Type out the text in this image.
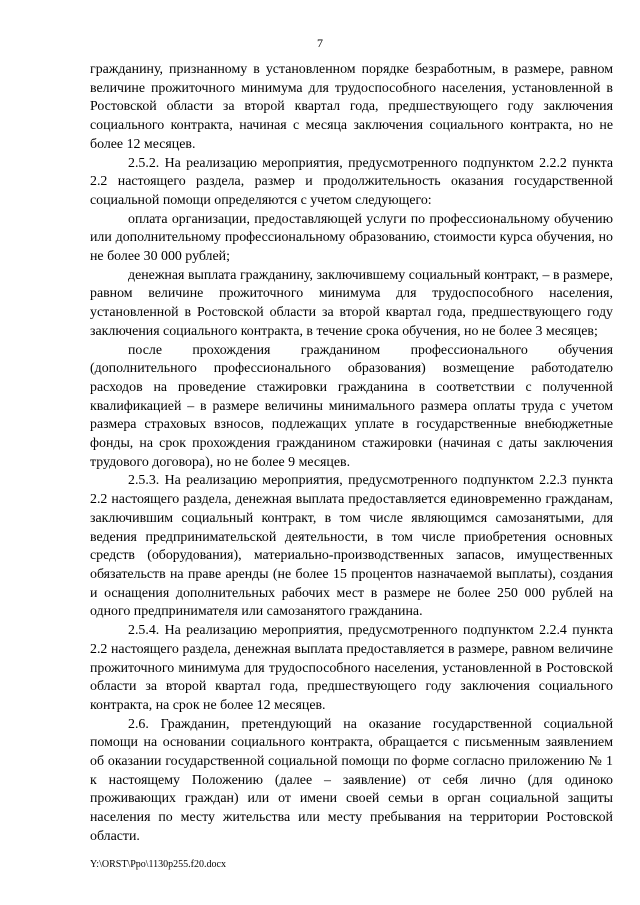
7

гражданину, признанному в установленном порядке безработным, в размере, равном величине прожиточного минимума для трудоспособного населения, установленной в Ростовской области за второй квартал года, предшествующего году заключения социального контракта, начиная с месяца заключения социального контракта, но не более 12 месяцев.

2.5.2. На реализацию мероприятия, предусмотренного подпунктом 2.2.2 пункта 2.2 настоящего раздела, размер и продолжительность оказания государственной социальной помощи определяются с учетом следующего:

оплата организации, предоставляющей услуги по профессиональному обучению или дополнительному профессиональному образованию, стоимости курса обучения, но не более 30 000 рублей;

денежная выплата гражданину, заключившему социальный контракт, – в размере, равном величине прожиточного минимума для трудоспособного населения, установленной в Ростовской области за второй квартал года, предшествующего году заключения социального контракта, в течение срока обучения, но не более 3 месяцев;

после прохождения гражданином профессионального обучения (дополнительного профессионального образования) возмещение работодателю расходов на проведение стажировки гражданина в соответствии с полученной квалификацией – в размере величины минимального размера оплаты труда с учетом размера страховых взносов, подлежащих уплате в государственные внебюджетные фонды, на срок прохождения гражданином стажировки (начиная с даты заключения трудового договора), но не более 9 месяцев.

2.5.3. На реализацию мероприятия, предусмотренного подпунктом 2.2.3 пункта 2.2 настоящего раздела, денежная выплата предоставляется единовременно гражданам, заключившим социальный контракт, в том числе являющимся самозанятыми, для ведения предпринимательской деятельности, в том числе приобретения основных средств (оборудования), материально-производственных запасов, имущественных обязательств на праве аренды (не более 15 процентов назначаемой выплаты), создания и оснащения дополнительных рабочих мест в размере не более 250 000 рублей на одного предпринимателя или самозанятого гражданина.

2.5.4. На реализацию мероприятия, предусмотренного подпунктом 2.2.4 пункта 2.2 настоящего раздела, денежная выплата предоставляется в размере, равном величине прожиточного минимума для трудоспособного населения, установленной в Ростовской области за второй квартал года, предшествующего году заключения социального контракта, на срок не более 12 месяцев.

2.6. Гражданин, претендующий на оказание государственной социальной помощи на основании социального контракта, обращается с письменным заявлением об оказании государственной социальной помощи по форме согласно приложению № 1 к настоящему Положению (далее – заявление) от себя лично (для одиноко проживающих граждан) или от имени своей семьи в орган социальной защиты населения по месту жительства или месту пребывания на территории Ростовской области.

Y:\ORST\Ppo\1130p255.f20.docx
